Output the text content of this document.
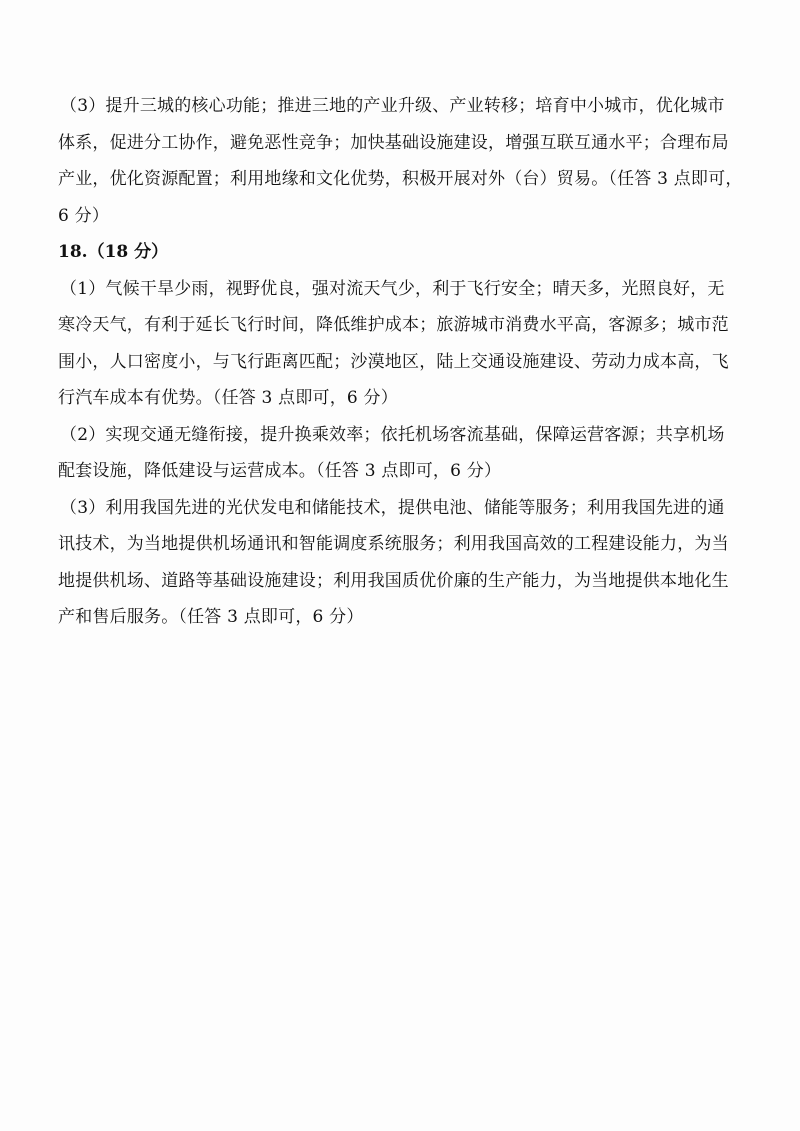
（3）提升三城的核心功能；推进三地的产业升级、产业转移；培育中小城市，优化城市
体系，促进分工协作，避免恶性竞争；加快基础设施建设，增强互联互通水平；合理布局
产业，优化资源配置；利用地缘和文化优势，积极开展对外（台）贸易。（任答 3 点即可，
6 分）

18.（18 分）

（1）气候干旱少雨，视野优良，强对流天气少，利于飞行安全；晴天多，光照良好，无
寒冷天气，有利于延长飞行时间，降低维护成本；旅游城市消费水平高，客源多；城市范
围小，人口密度小，与飞行距离匹配；沙漠地区，陆上交通设施建设、劳动力成本高，飞
行汽车成本有优势。（任答 3 点即可，6 分）

（2）实现交通无缝衔接，提升换乘效率；依托机场客流基础，保障运营客源；共享机场
配套设施，降低建设与运营成本。（任答 3 点即可，6 分）

（3）利用我国先进的光伏发电和储能技术，提供电池、储能等服务；利用我国先进的通
讯技术，为当地提供机场通讯和智能调度系统服务；利用我国高效的工程建设能力，为当
地提供机场、道路等基础设施建设；利用我国质优价廉的生产能力，为当地提供本地化生
产和售后服务。（任答 3 点即可，6 分）
